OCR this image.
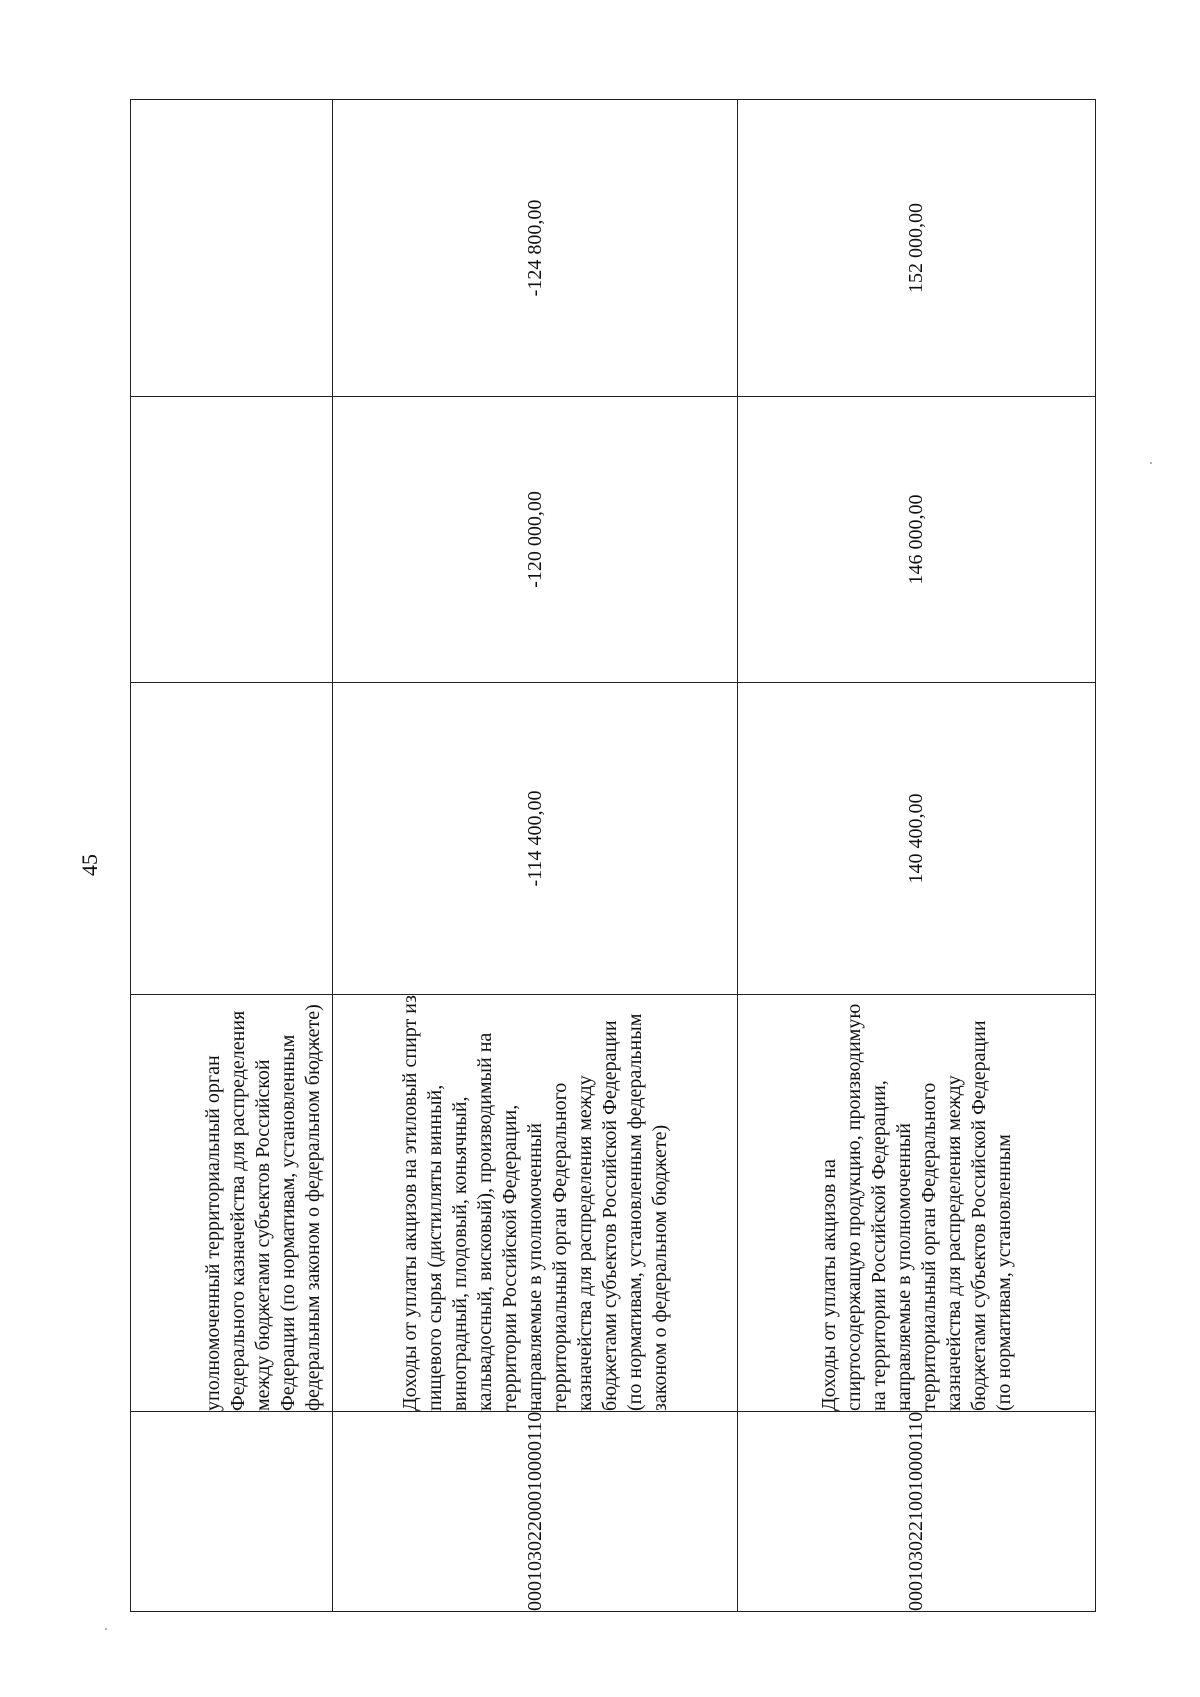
45
	уполномоченный территориальный орган Федерального казначейства для распределения между бюджетами субъектов Российской Федерации (по нормативам, установленным федеральным законом о федеральном бюджете)			
00010302200010000110	Доходы от уплаты акцизов на этиловый спирт из пищевого сырья (дистилляты винный, виноградный, плодовый, коньячный, кальвадосный, висковый), производимый на территории Российской Федерации, направляемые в уполномоченный территориальный орган Федерального казначейства для распределения между бюджетами субъектов Российской Федерации (по нормативам, установленным федеральным законом о федеральном бюджете)	-114 400,00	-120 000,00	-124 800,00
00010302210010000110	Доходы от уплаты акцизов на спиртосодержащую продукцию, производимую на территории Российской Федерации, направляемые в уполномоченный территориальный орган Федерального казначейства для распределения между бюджетами субъектов Российской Федерации (по нормативам, установленным	140 400,00	146 000,00	152 000,00
